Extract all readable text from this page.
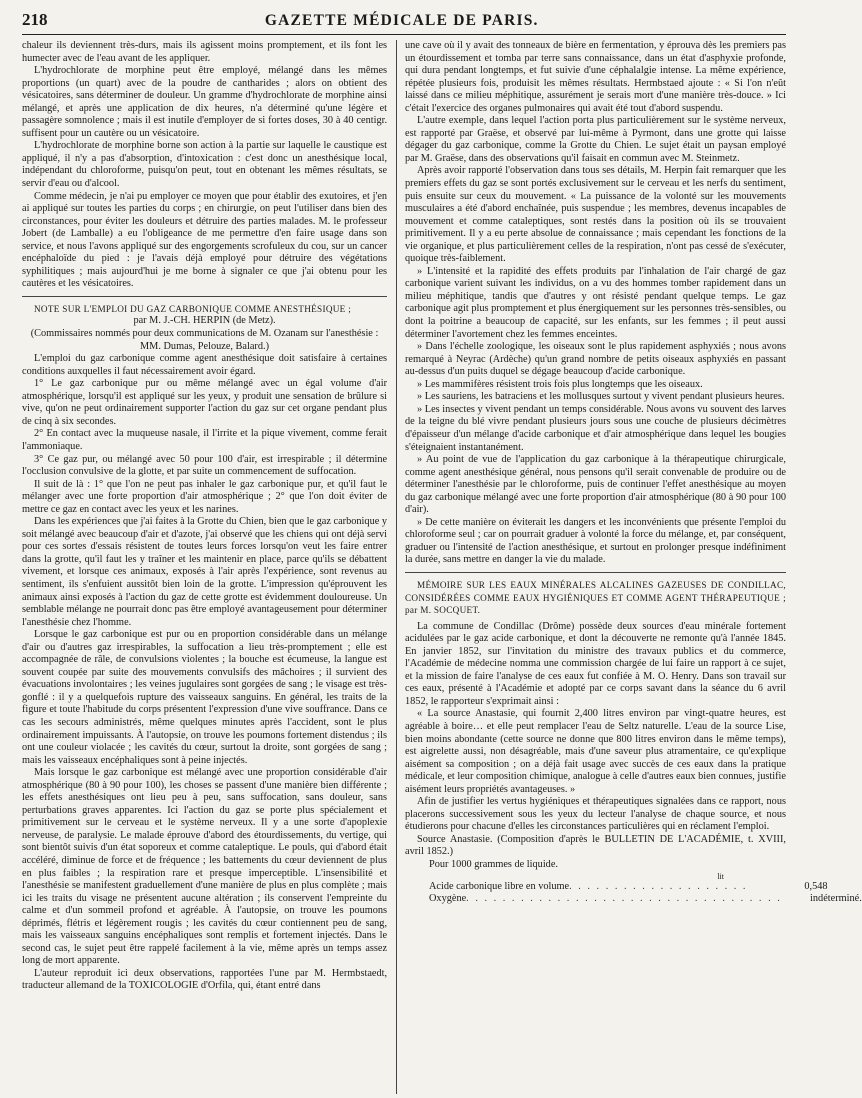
218	GAZETTE MÉDICALE DE PARIS.

chaleur ils deviennent très-durs, mais ils agissent moins promptement, et ils font les humecter avec de l'eau avant de les appliquer.

L'hydrochlorate de morphine peut être employé, mélangé dans les mêmes proportions (un quart) avec de la poudre de cantharides ; alors on obtient des vésicatoires, sans déterminer de douleur. Un gramme d'hydrochlorate de morphine ainsi mélangé, et après une application de dix heures, n'a déterminé qu'une légère et passagère somnolence ; mais il est inutile d'employer de si fortes doses, 30 à 40 centigr. suffisent pour un cautère ou un vésicatoire.

L'hydrochlorate de morphine borne son action à la partie sur laquelle le caustique est appliqué, il n'y a pas d'absorption, d'intoxication : c'est donc un anesthésique local, indépendant du chloroforme, puisqu'on peut, tout en obtenant les mêmes résultats, se servir d'eau ou d'alcool.

Comme médecin, je n'ai pu employer ce moyen que pour établir des exutoires, et j'en ai appliqué sur toutes les parties du corps ; en chirurgie, on peut l'utiliser dans bien des circonstances, pour éviter les douleurs et détruire des parties malades. M. le professeur Jobert (de Lamballe) a eu l'obligeance de me permettre d'en faire usage dans son service, et nous l'avons appliqué sur des engorgements scrofuleux du cou, sur un cancer encéphaloïde du pied : je l'avais déjà employé pour détruire des végétations syphilitiques ; mais aujourd'hui je me borne à signaler ce que j'ai obtenu pour les cautères et les vésicatoires.

NOTE SUR L'EMPLOI DU GAZ CARBONIQUE COMME ANESTHÉSIQUE ;

par M. J.-CH. HERPIN (de Metz).

(Commissaires nommés pour deux communications de M. Ozanam sur l'anesthésie : MM. Dumas, Pelouze, Balard.)

L'emploi du gaz carbonique comme agent anesthésique doit satisfaire à certaines conditions auxquelles il faut nécessairement avoir égard.

1° Le gaz carbonique pur ou même mélangé avec un égal volume d'air atmosphérique, lorsqu'il est appliqué sur les yeux, y produit une sensation de brûlure si vive, qu'on ne peut ordinairement supporter l'action du gaz sur cet organe pendant plus de cinq à six secondes.

2° En contact avec la muqueuse nasale, il l'irrite et la pique vivement, comme ferait l'ammoniaque.

3° Ce gaz pur, ou mélangé avec 50 pour 100 d'air, est irrespirable ; il détermine l'occlusion convulsive de la glotte, et par suite un commencement de suffocation.

Il suit de là : 1° que l'on ne peut pas inhaler le gaz carbonique pur, et qu'il faut le mélanger avec une forte proportion d'air atmosphérique ; 2° que l'on doit éviter de mettre ce gaz en contact avec les yeux et les narines.

Dans les expériences que j'ai faites à la Grotte du Chien, bien que le gaz carbonique y soit mélangé avec beaucoup d'air et d'azote, j'ai observé que les chiens qui ont déjà servi pour ces sortes d'essais résistent de toutes leurs forces lorsqu'on veut les faire entrer dans la grotte, qu'il faut les y traîner et les maintenir en place, parce qu'ils se débattent vivement, et lorsque ces animaux, exposés à l'air après l'expérience, sont revenus au sentiment, ils s'enfuient aussitôt bien loin de la grotte. L'impression qu'éprouvent les animaux ainsi exposés à l'action du gaz de cette grotte est évidemment douloureuse. Un semblable mélange ne pourrait donc pas être employé avantageusement pour déterminer l'anesthésie chez l'homme.

Lorsque le gaz carbonique est pur ou en proportion considérable dans un mélange d'air ou d'autres gaz irrespirables, la suffocation a lieu très-promptement ; elle est accompagnée de râle, de convulsions violentes ; la bouche est écumeuse, la langue est souvent coupée par suite des mouvements convulsifs des mâchoires ; il survient des évacuations involontaires ; les veines jugulaires sont gorgées de sang ; le visage est très-gonflé : il y a quelquefois rupture des vaisseaux sanguins. En général, les traits de la figure et toute l'habitude du corps présentent l'expression d'une vive souffrance. Dans ce cas les secours administrés, même quelques minutes après l'accident, sont le plus ordinairement impuissants. À l'autopsie, on trouve les poumons fortement distendus ; ils ont une couleur violacée ; les cavités du cœur, surtout la droite, sont gorgées de sang ; mais les vaisseaux encéphaliques sont à peine injectés.

Mais lorsque le gaz carbonique est mélangé avec une proportion considérable d'air atmosphérique (80 à 90 pour 100), les choses se passent d'une manière bien différente ; les effets anesthésiques ont lieu peu à peu, sans suffocation, sans douleur, sans perturbations graves apparentes. Ici l'action du gaz se porte plus spécialement et primitivement sur le cerveau et le système nerveux. Il y a une sorte d'apoplexie nerveuse, de paralysie. Le malade éprouve d'abord des étourdissements, du vertige, qui sont bientôt suivis d'un état soporeux et comme cataleptique. Le pouls, qui d'abord était accéléré, diminue de force et de fréquence ; les battements du cœur deviennent de plus en plus faibles ; la respiration rare et presque imperceptible. L'insensibilité et l'anesthésie se manifestent graduellement d'une manière de plus en plus complète ; mais ici les traits du visage ne présentent aucune altération ; ils conservent l'empreinte du calme et d'un sommeil profond et agréable. À l'autopsie, on trouve les poumons déprimés, flétris et légèrement rougis ; les cavités du cœur contiennent peu de sang, mais les vaisseaux sanguins encéphaliques sont remplis et fortement injectés. Dans le second cas, le sujet peut être rappelé facilement à la vie, même après un temps assez long de mort apparente.

L'auteur reproduit ici deux observations, rapportées l'une par M. Hermbstaedt, traducteur allemand de la TOXICOLOGIE d'Orfila, qui, étant entré dans

une cave où il y avait des tonneaux de bière en fermentation, y éprouva dès les premiers pas un étourdissement et tomba par terre sans connaissance, dans un état d'asphyxie profonde, qui dura pendant longtemps, et fut suivie d'une céphalalgie intense. La même expérience, répétée plusieurs fois, produisit les mêmes résultats. Hermbstaed ajoute : « Si l'on n'eût laissé dans ce milieu méphitique, assurément je serais mort d'une manière très-douce. » Ici c'était l'exercice des organes pulmonaires qui avait été tout d'abord suspendu.

L'autre exemple, dans lequel l'action porta plus particulièrement sur le système nerveux, est rapporté par Graëse, et observé par lui-même à Pyrmont, dans une grotte qui laisse dégager du gaz carbonique, comme la Grotte du Chien. Le sujet était un paysan employé par M. Graëse, dans des observations qu'il faisait en commun avec M. Steinmetz.

Après avoir rapporté l'observation dans tous ses détails, M. Herpin fait remarquer que les premiers effets du gaz se sont portés exclusivement sur le cerveau et les nerfs du sentiment, puis ensuite sur ceux du mouvement. « La puissance de la volonté sur les mouvements musculaires a été d'abord enchaînée, puis suspendue ; les membres, devenus incapables de mouvement et comme cataleptiques, sont restés dans la position où ils se trouvaient primitivement. Il y a eu perte absolue de connaissance ; mais cependant les fonctions de la vie organique, et plus particulièrement celles de la respiration, n'ont pas cessé de s'exécuter, quoique très-faiblement.

» L'intensité et la rapidité des effets produits par l'inhalation de l'air chargé de gaz carbonique varient suivant les individus, on a vu des hommes tomber rapidement dans un milieu méphitique, tandis que d'autres y ont résisté pendant quelque temps. Le gaz carbonique agit plus promptement et plus énergiquement sur les personnes très-sensibles, ou dont la poitrine a beaucoup de capacité, sur les enfants, sur les femmes ; il peut aussi déterminer l'avortement chez les femmes enceintes.

» Dans l'échelle zoologique, les oiseaux sont le plus rapidement asphyxiés ; nous avons remarqué à Neyrac (Ardèche) qu'un grand nombre de petits oiseaux asphyxiés en passant au-dessus d'un puits duquel se dégage beaucoup d'acide carbonique.

» Les mammifères résistent trois fois plus longtemps que les oiseaux.

» Les sauriens, les batraciens et les mollusques surtout y vivent pendant plusieurs heures.

» Les insectes y vivent pendant un temps considérable. Nous avons vu souvent des larves de la teigne du blé vivre pendant plusieurs jours sous une couche de plusieurs décimètres d'épaisseur d'un mélange d'acide carbonique et d'air atmosphérique dans lequel les bougies s'éteignaient instantanément.

» Au point de vue de l'application du gaz carbonique à la thérapeutique chirurgicale, comme agent anesthésique général, nous pensons qu'il serait convenable de produire ou de déterminer l'anesthésie par le chloroforme, puis de continuer l'effet anesthésique au moyen du gaz carbonique mélangé avec une forte proportion d'air atmosphérique (80 à 90 pour 100 d'air).

» De cette manière on éviterait les dangers et les inconvénients que présente l'emploi du chloroforme seul ; car on pourrait graduer à volonté la force du mélange, et, par conséquent, graduer ou l'intensité de l'action anesthésique, et surtout en prolonger presque indéfiniment la durée, sans mettre en danger la vie du malade.

MÉMOIRE SUR LES EAUX MINÉRALES ALCALINES GAZEUSES DE CONDILLAC, CONSIDÉRÉES COMME EAUX HYGIÉNIQUES ET COMME AGENT THÉRAPEUTIQUE ; par M. SOCQUET.

La commune de Condillac (Drôme) possède deux sources d'eau minérale fortement acidulées par le gaz acide carbonique, et dont la découverte ne remonte qu'à l'année 1845. En janvier 1852, sur l'invitation du ministre des travaux publics et du commerce, l'Académie de médecine nomma une commission chargée de lui faire un rapport à ce sujet, et la mission de faire l'analyse de ces eaux fut confiée à M. O. Henry. Dans son travail sur ces eaux, présenté à l'Académie et adopté par ce corps savant dans la séance du 6 avril 1852, le rapporteur s'exprimait ainsi :

« La source Anastasie, qui fournit 2,400 litres environ par vingt-quatre heures, est agréable à boire… et elle peut remplacer l'eau de Seltz naturelle. L'eau de la source Lise, bien moins abondante (cette source ne donne que 800 litres environ dans le même temps), est aigrelette aussi, non désagréable, mais d'une saveur plus atramentaire, ce qu'explique aisément sa composition ; on a déjà fait usage avec succès de ces eaux dans la pratique médicale, et leur composition chimique, analogue à celle d'autres eaux bien connues, justifie aisément leurs propriétés avantageuses. »

Afin de justifier les vertus hygiéniques et thérapeutiques signalées dans ce rapport, nous placerons successivement sous les yeux du lecteur l'analyse de chaque source, et nous étudierons pour chacune d'elles les circonstances particulières qui en réclament l'emploi.

Source Anastasie. (Composition d'après le BULLETIN DE L'ACADÉMIE, t. XVIII, avril 1852.)

Pour 1000 grammes de liquide.

lit
Acide carbonique libre en volume . . . . . . . . . . . . . . . . . . . .	0,548
Oxygène . . . . . . . . . . . . . . . . . . . . . . . . . . . . . . . . . . .	indéterminé.
